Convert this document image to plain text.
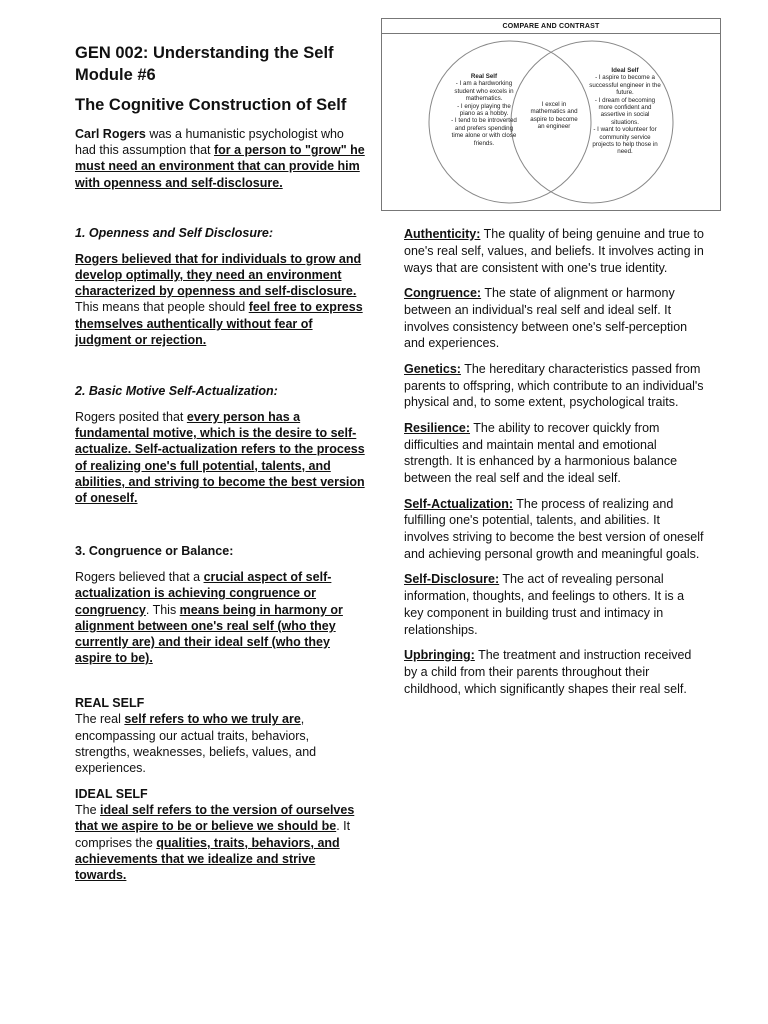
GEN 002: Understanding the Self
Module #6
The Cognitive Construction of Self

Carl Rogers was a humanistic psychologist who had this assumption that for a person to "grow" he must need an environment that can provide him with openness and self-disclosure.

1. Openness and Self Disclosure:

Rogers believed that for individuals to grow and develop optimally, they need an environment characterized by openness and self-disclosure. This means that people should feel free to express themselves authentically without fear of judgment or rejection.

2. Basic Motive Self-Actualization:

Rogers posited that every person has a fundamental motive, which is the desire to self-actualize. Self-actualization refers to the process of realizing one's full potential, talents, and abilities, and striving to become the best version of oneself.

3. Congruence or Balance:

Rogers believed that a crucial aspect of self-actualization is achieving congruence or congruency. This means being in harmony or alignment between one's real self (who they currently are) and their ideal self (who they aspire to be).

REAL SELF

The real self refers to who we truly are, encompassing our actual traits, behaviors, strengths, weaknesses, beliefs, values, and experiences.

IDEAL SELF

The ideal self refers to the version of ourselves that we aspire to be or believe we should be. It comprises the qualities, traits, behaviors, and achievements that we idealize and strive towards.

COMPARE AND CONTRAST
Real Self
- I am a hardworking
student who excels in
mathematics.
- I enjoy playing the
piano as a hobby.
- I tend to be introverted
and prefers spending
time alone or with close
friends.
I excel in
mathematics and
aspire to become
an engineer
Ideal Self
- I aspire to become a
successful engineer in the
future.
- I dream of becoming
more confident and
assertive in social
situations.
- I want to volunteer for
community service
projects to help those in
need.

Authenticity: The quality of being genuine and true to one's real self, values, and beliefs. It involves acting in ways that are consistent with one's true identity.

Congruence: The state of alignment or harmony between an individual's real self and ideal self. It involves consistency between one's self-perception and experiences.

Genetics: The hereditary characteristics passed from parents to offspring, which contribute to an individual's physical and, to some extent, psychological traits.

Resilience: The ability to recover quickly from difficulties and maintain mental and emotional strength. It is enhanced by a harmonious balance between the real self and the ideal self.

Self-Actualization: The process of realizing and fulfilling one's potential, talents, and abilities. It involves striving to become the best version of oneself and achieving personal growth and meaningful goals.

Self-Disclosure: The act of revealing personal information, thoughts, and feelings to others. It is a key component in building trust and intimacy in relationships.

Upbringing: The treatment and instruction received by a child from their parents throughout their childhood, which significantly shapes their real self.
